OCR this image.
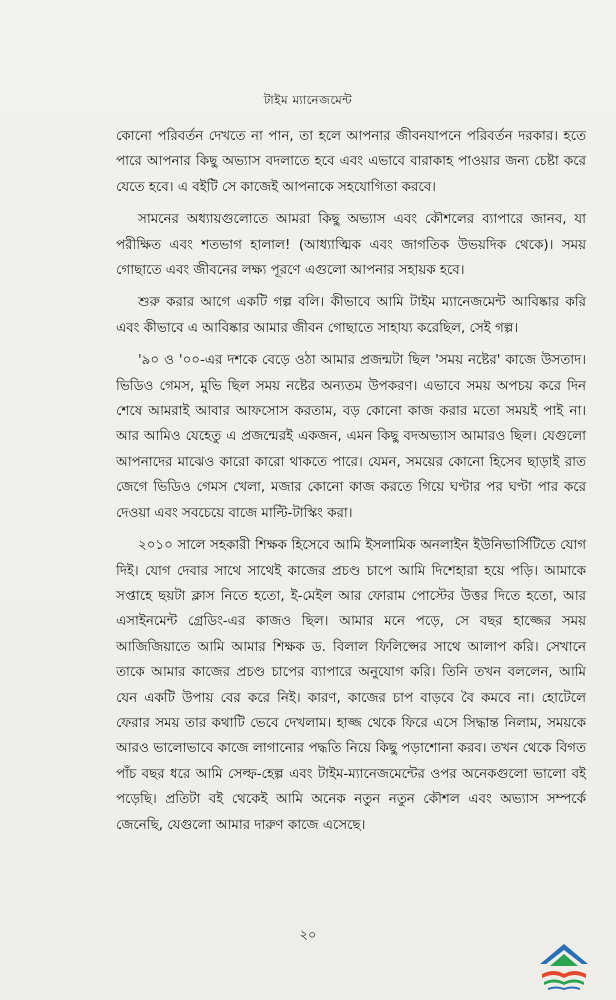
টাইম ম্যানেজমেন্ট

কোনো পরিবর্তন দেখতে না পান, তা হলে আপনার জীবনযাপনে পরিবর্তন দরকার। হতে পারে আপনার কিছু অভ্যাস বদলাতে হবে এবং এভাবে বারাকাহ পাওয়ার জন্য চেষ্টা করে যেতে হবে। এ বইটি সে কাজেই আপনাকে সহযোগিতা করবে।

সামনের অধ্যায়গুলোতে আমরা কিছু অভ্যাস এবং কৌশলের ব্যাপারে জানব, যা পরীক্ষিত এবং শতভাগ হালাল! (আধ্যাত্মিক এবং জাগতিক উভয়দিক থেকে)। সময় গোছাতে এবং জীবনের লক্ষ্য পূরণে এগুলো আপনার সহায়ক হবে।

শুরু করার আগে একটি গল্প বলি। কীভাবে আমি টাইম ম্যানেজমেন্ট আবিষ্কার করি এবং কীভাবে এ আবিষ্কার আমার জীবন গোছাতে সাহায্য করেছিল, সেই গল্প।

'৯০ ও '০০-এর দশকে বেড়ে ওঠা আমার প্রজন্মটা ছিল 'সময় নষ্টের' কাজে উসতাদ। ভিডিও গেমস, মুভি ছিল সময় নষ্টের অন্যতম উপকরণ। এভাবে সময় অপচয় করে দিন শেষে আমরাই আবার আফসোস করতাম, বড় কোনো কাজ করার মতো সময়ই পাই না। আর আমিও যেহেতু এ প্রজন্মেরই একজন, এমন কিছু বদঅভ্যাস আমারও ছিল। যেগুলো আপনাদের মাঝেও কারো কারো থাকতে পারে। যেমন, সময়ের কোনো হিসেব ছাড়াই রাত জেগে ভিডিও গেমস খেলা, মজার কোনো কাজ করতে গিয়ে ঘণ্টার পর ঘণ্টা পার করে দেওয়া এবং সবচেয়ে বাজে মাল্টি-টাস্কিং করা।

২০১০ সালে সহকারী শিক্ষক হিসেবে আমি ইসলামিক অনলাইন ইউনিভার্সিটিতে যোগ দিই। যোগ দেবার সাথে সাথেই কাজের প্রচণ্ড চাপে আমি দিশেহারা হয়ে পড়ি। আমাকে সপ্তাহে ছয়টা ক্লাস নিতে হতো, ই-মেইল আর ফোরাম পোস্টের উত্তর দিতে হতো, আর এসাইনমেন্ট গ্রেডিং-এর কাজও ছিল। আমার মনে পড়ে, সে বছর হাজ্জের সময় আজিজিয়াতে আমি আমার শিক্ষক ড. বিলাল ফিলিপ্সের সাথে আলাপ করি। সেখানে তাকে আমার কাজের প্রচণ্ড চাপের ব্যাপারে অনুযোগ করি। তিনি তখন বললেন, আমি যেন একটি উপায় বের করে নিই। কারণ, কাজের চাপ বাড়বে বৈ কমবে না। হোটেলে ফেরার সময় তার কথাটি ভেবে দেখলাম। হাজ্জ থেকে ফিরে এসে সিদ্ধান্ত নিলাম, সময়কে আরও ভালোভাবে কাজে লাগানোর পদ্ধতি নিয়ে কিছু পড়াশোনা করব। তখন থেকে বিগত পাঁচ বছর ধরে আমি সেল্ফ-হেল্প এবং টাইম-ম্যানেজমেন্টের ওপর অনেকগুলো ভালো বই পড়েছি। প্রতিটা বই থেকেই আমি অনেক নতুন নতুন কৌশল এবং অভ্যাস সম্পর্কে জেনেছি, যেগুলো আমার দারুণ কাজে এসেছে।

২০
